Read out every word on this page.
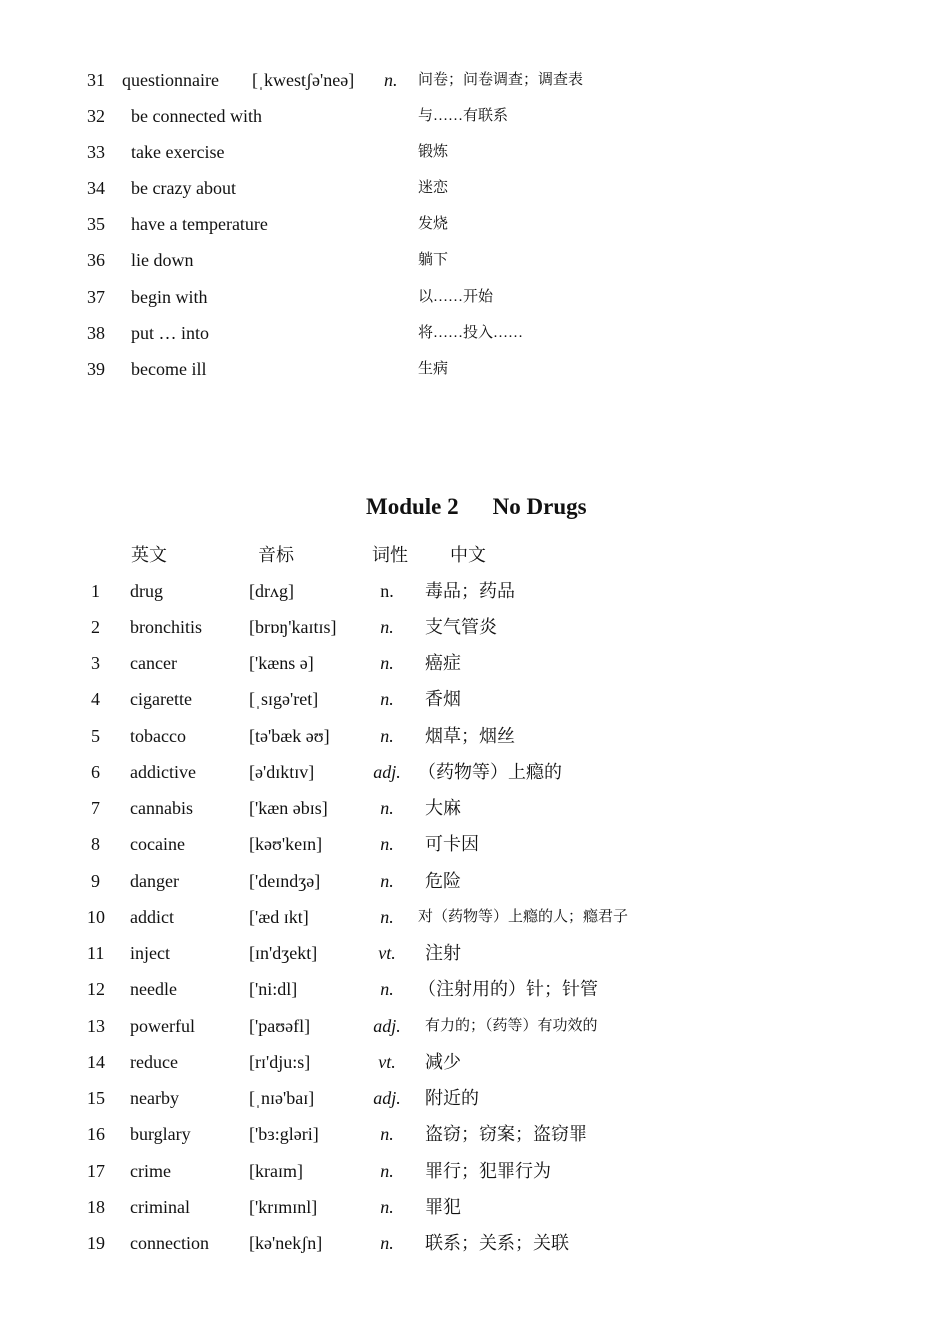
31 questionnaire [ˌkwestʃə'neə] n. 问卷；问卷调查；调查表
32 be connected with	与……有联系
33 take exercise	锻炼
34 be crazy about	迷恋
35 have a temperature	发烧
36 lie down	躺下
37 begin with	以……开始
38 put … into	将……投入……
39 become ill	生病
Module 2 No Drugs
英文	音标	词性 中文
1 drug	[drʌg]	n.	毒品；药品
2 bronchitis	[brɒŋ'kaɪtɪs]	n.	支气管炎
3 cancer	['kæns ə]	n.	癌症
4 cigarette	[ˌsɪgə'ret]	n.	香烟
5 tobacco	[tə'bæk əʊ]	n.	烟草；烟丝
6 addictive	[ə'dɪktɪv]	adj. （药物等）上瘾的
7 cannabis	['kæn əbɪs]	n.	大麻
8 cocaine	[kəʊ'keɪn]	n.	可卡因
9 danger	['deɪndʒə]	n.	危险
10 addict	['æd ɪkt]	n.	对（药物等）上瘾的人；瘾君子
11 inject	[ɪn'dʒekt]	vt.	注射
12 needle	['ni:dl]	n.	（注射用的）针；针管
13 powerful	['paʊəfl]	adj.	有力的；（药等）有功效的
14 reduce	[rɪ'dju:s]	vt.	减少
15 nearby	[ˌnɪə'baɪ]	adj.	附近的
16 burglary	['bɜ:gləri]	n.	盗窃；窃案；盗窃罪
17 crime	[kraɪm]	n.	罪行；犯罪行为
18 criminal	['krɪmɪnl]	n.	罪犯
19 connection [kə'nekʃn]	n.	联系；关系；关联
